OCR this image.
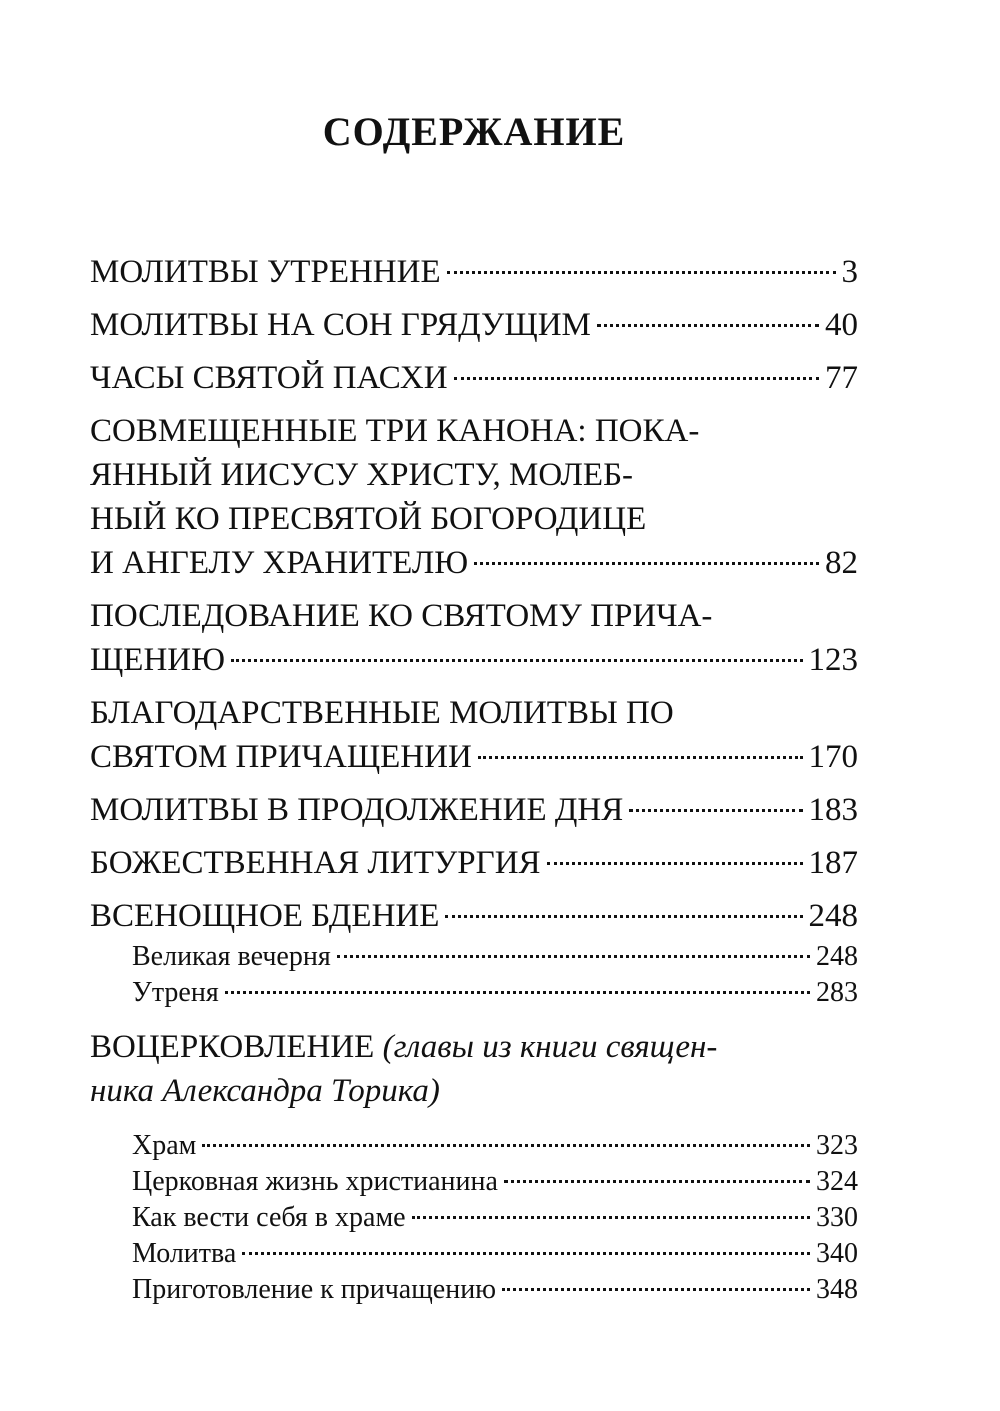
СОДЕРЖАНИЕ
МОЛИТВЫ УТРЕННИЕ	3
МОЛИТВЫ НА СОН ГРЯДУЩИМ	40
ЧАСЫ СВЯТОЙ ПАСХИ	77
СОВМЕЩЕННЫЕ ТРИ КАНОНА: ПОКА-
ЯННЫЙ ИИСУСУ ХРИСТУ, МОЛЕБ-
НЫЙ КО ПРЕСВЯТОЙ БОГОРОДИЦЕ
И АНГЕЛУ ХРАНИТЕЛЮ	82
ПОСЛЕДОВАНИЕ КО СВЯТОМУ ПРИЧА-
ЩЕНИЮ	123
БЛАГОДАРСТВЕННЫЕ МОЛИТВЫ ПО
СВЯТОМ ПРИЧАЩЕНИИ	170
МОЛИТВЫ В ПРОДОЛЖЕНИЕ ДНЯ	183
БОЖЕСТВЕННАЯ ЛИТУРГИЯ	187
ВСЕНОЩНОЕ БДЕНИЕ	248
Великая вечерня	248
Утреня	283
ВОЦЕРКОВЛЕНИЕ (главы из книги священ-
ника Александра Торика)
Храм	323
Церковная жизнь христианина	324
Как вести себя в храме	330
Молитва	340
Приготовление к причащению	348
